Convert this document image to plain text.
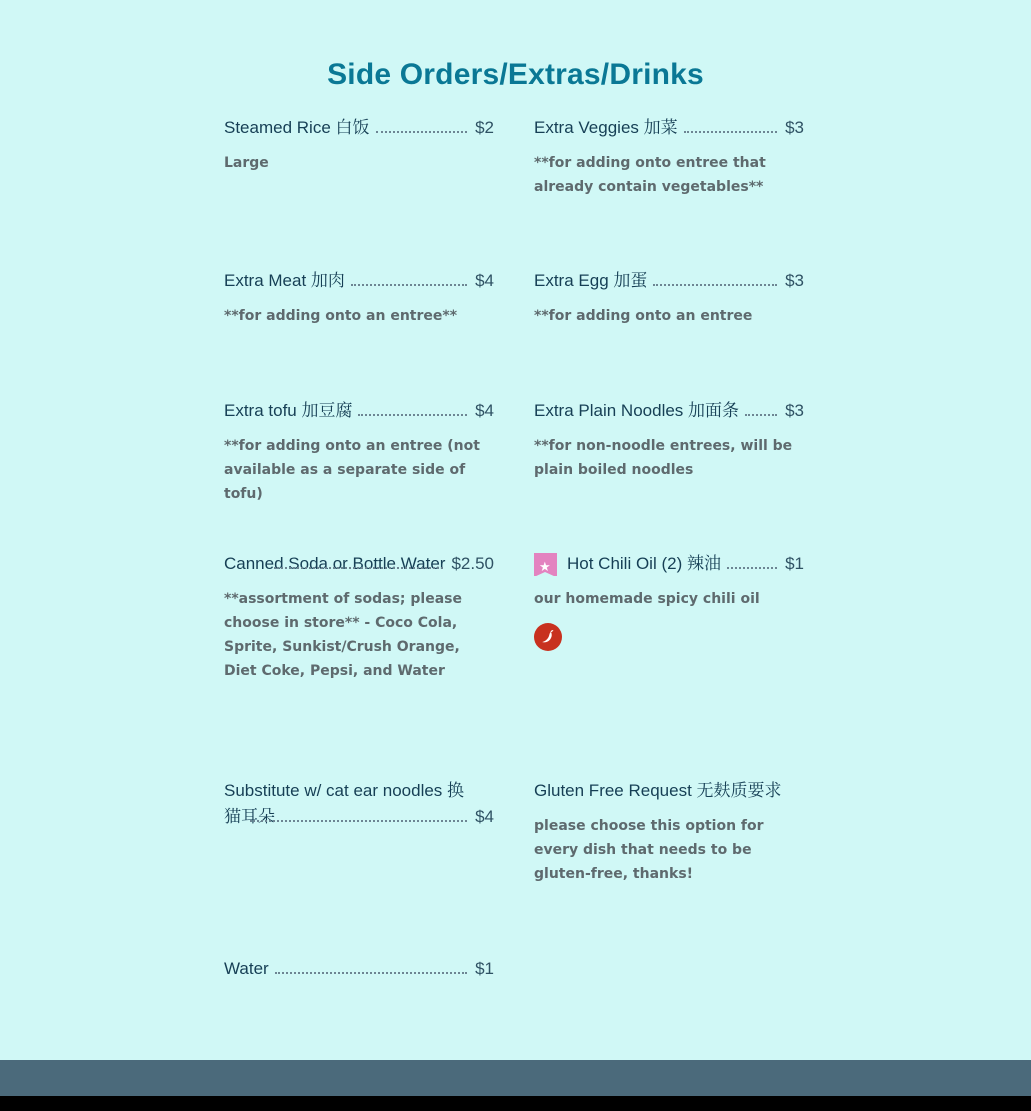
Side Orders/Extras/Drinks
Steamed Rice 白饭	$2
Large
Extra Veggies 加菜	$3
**for adding onto entree that already contain vegetables**
Extra Meat 加肉	$4
**for adding onto an entree**
Extra Egg 加蛋	$3
**for adding onto an entree
Extra tofu 加豆腐	$4
**for adding onto an entree (not available as a separate side of tofu)
Extra Plain Noodles 加面条	$3
**for non-noodle entrees, will be plain boiled noodles
Canned Soda or Bottle Water $2.50
**assortment of sodas; please choose in store** - Coco Cola, Sprite, Sunkist/Crush Orange, Diet Coke, Pepsi, and Water
★
Hot Chili Oil (2) 辣油	$1
our homemade spicy chili oil
Substitute w/ cat ear noodles 换猫耳朵	$4
Gluten Free Request 无麸质要求
please choose this option for every dish that needs to be gluten-free, thanks!
Water	$1
